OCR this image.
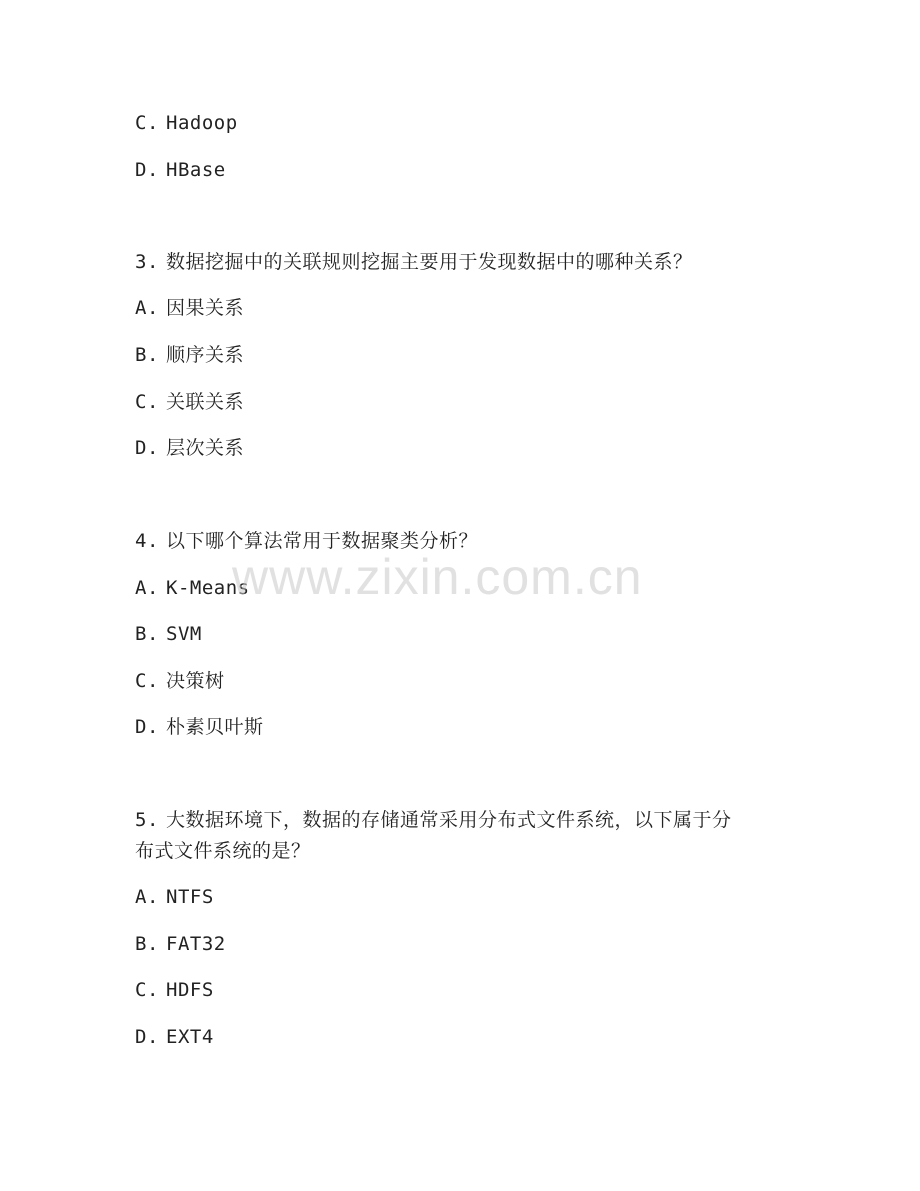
C. Hadoop
D. HBase
3. 数据挖掘中的关联规则挖掘主要用于发现数据中的哪种关系？
A. 因果关系
B. 顺序关系
C. 关联关系
D. 层次关系
4. 以下哪个算法常用于数据聚类分析？
A. K-Means
B. SVM
C. 决策树
D. 朴素贝叶斯
5. 大数据环境下，数据的存储通常采用分布式文件系统，以下属于分
布式文件系统的是？
A. NTFS
B. FAT32
C. HDFS
D. EXT4
www.zixin.com.cn
